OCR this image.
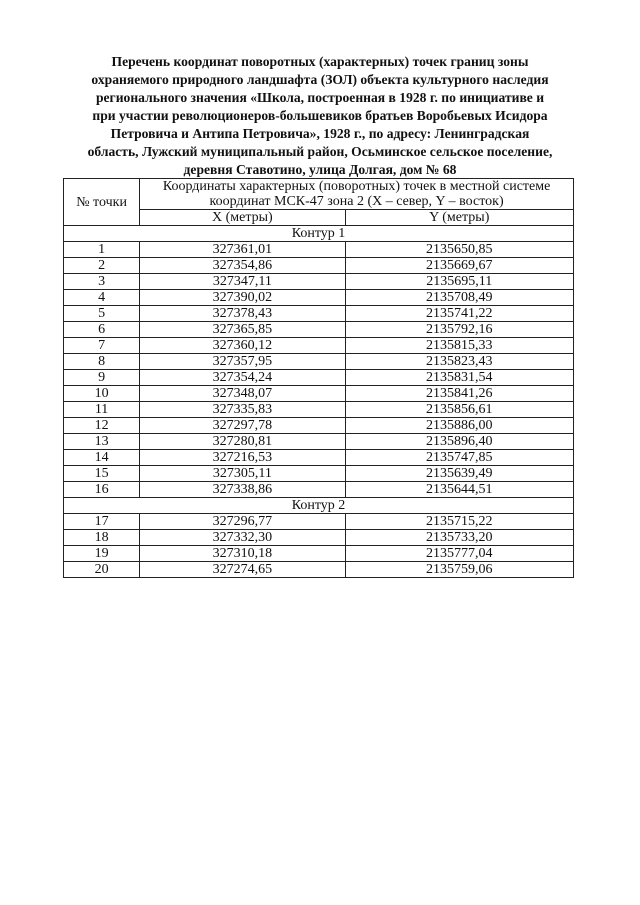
Перечень координат поворотных (характерных) точек границ зоны
охраняемого природного ландшафта (ЗОЛ) объекта культурного наследия
регионального значения «Школа, построенная в 1928 г. по инициативе и
при участии революционеров-большевиков братьев Воробьевых Исидора
Петровича и Антипа Петровича», 1928 г., по адресу: Ленинградская
область, Лужский муниципальный район, Осьминское сельское поселение,
деревня Ставотино, улица Долгая, дом № 68
№ точки	Координаты характерных (поворотных) точек в местной системе
координат МСК-47 зона 2 (X – север, Y – восток)	
	X (метры)	Y (метры)
Контур 1		
1	327361,01	2135650,85
2	327354,86	2135669,67
3	327347,11	2135695,11
4	327390,02	2135708,49
5	327378,43	2135741,22
6	327365,85	2135792,16
7	327360,12	2135815,33
8	327357,95	2135823,43
9	327354,24	2135831,54
10	327348,07	2135841,26
11	327335,83	2135856,61
12	327297,78	2135886,00
13	327280,81	2135896,40
14	327216,53	2135747,85
15	327305,11	2135639,49
16	327338,86	2135644,51
Контур 2		
17	327296,77	2135715,22
18	327332,30	2135733,20
19	327310,18	2135777,04
20	327274,65	2135759,06
